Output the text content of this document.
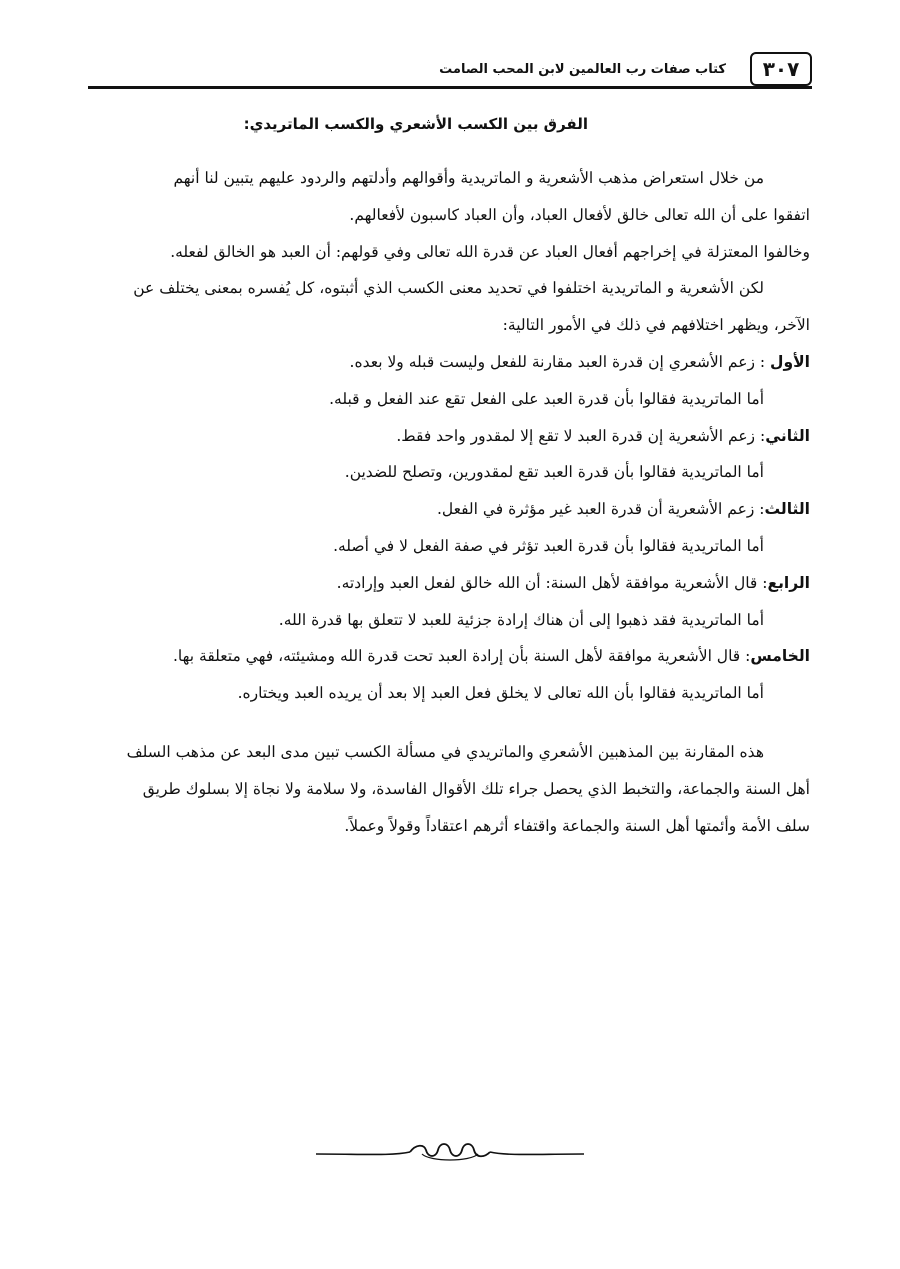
٣٠٧
كتاب صفات رب العالمين لابن المحب الصامت
الفرق بين الكسب الأشعري والكسب الماتريدي:
من خلال استعراض مذهب الأشعرية و الماتريدية وأقوالهم وأدلتهم والردود عليهم يتبين لنا أنهم
اتفقوا على أن الله تعالى خالق لأفعال العباد، وأن العباد كاسبون لأفعالهم.
وخالفوا المعتزلة في إخراجهم أفعال العباد عن قدرة الله تعالى وفي قولهم: أن العبد هو الخالق لفعله.
لكن الأشعرية و الماتريدية اختلفوا في تحديد معنى الكسب الذي أثبتوه، كل يُفسره بمعنى يختلف عن
الآخر، ويظهر اختلافهم في ذلك في الأمور التالية:
الأول : زعم الأشعري إن قدرة العبد مقارنة للفعل وليست قبله ولا بعده.
أما الماتريدية فقالوا بأن قدرة العبد على الفعل تقع عند الفعل و قبله.
الثاني: زعم الأشعرية إن قدرة العبد لا تقع إلا لمقدور واحد فقط.
أما الماتريدية فقالوا بأن قدرة العبد تقع لمقدورين، وتصلح للضدين.
الثالث: زعم الأشعرية أن قدرة العبد غير مؤثرة في الفعل.
أما الماتريدية فقالوا بأن قدرة العبد تؤثر في صفة الفعل لا في أصله.
الرابع: قال الأشعرية موافقة لأهل السنة: أن الله خالق لفعل العبد وإرادته.
أما الماتريدية فقد ذهبوا إلى أن هناك إرادة جزئية للعبد لا تتعلق بها قدرة الله.
الخامس: قال الأشعرية موافقة لأهل السنة بأن إرادة العبد تحت قدرة الله ومشيئته، فهي متعلقة بها.
أما الماتريدية فقالوا بأن الله تعالى لا يخلق فعل العبد إلا بعد أن يريده العبد ويختاره.
هذه المقارنة بين المذهبين الأشعري والماتريدي في مسألة الكسب تبين مدى البعد عن مذهب السلف
أهل السنة والجماعة، والتخبط الذي يحصل جراء تلك الأقوال الفاسدة، ولا سلامة ولا نجاة إلا بسلوك طريق
سلف الأمة وأئمتها أهل السنة والجماعة واقتفاء أثرهم اعتقاداً وقولاً وعملاً.
